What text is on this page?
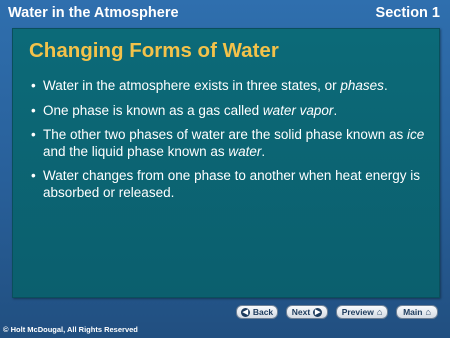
Water in the Atmosphere	Section 1
Changing Forms of Water
• Water in the atmosphere exists in three states, or phases.
• One phase is known as a gas called water vapor.
• The other two phases of water are the solid phase known as ice and the liquid phase known as water.
• Water changes from one phase to another when heat energy is absorbed or released.
◀ Back Next ▶	Preview ⌂ Main ⌂
© Holt McDougal, All Rights Reserved
